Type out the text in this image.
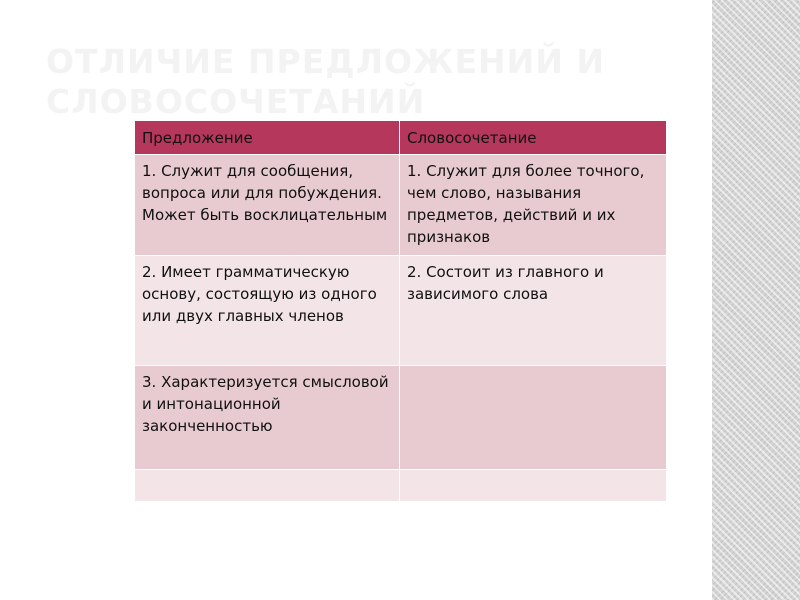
ОТЛИЧИЕ ПРЕДЛОЖЕНИЙ И СЛОВОСОЧЕТАНИЙ
Предложение	Словосочетание
1. Служит для сообщения, вопроса или для побуждения. Может быть восклицательным	1. Служит для более точного, чем слово, называния предметов, действий и их признаков
2. Имеет грамматическую основу, состоящую из одного или двух главных членов	2. Состоит из главного и зависимого слова
3. Характеризуется смысловой и интонационной законченностью	
